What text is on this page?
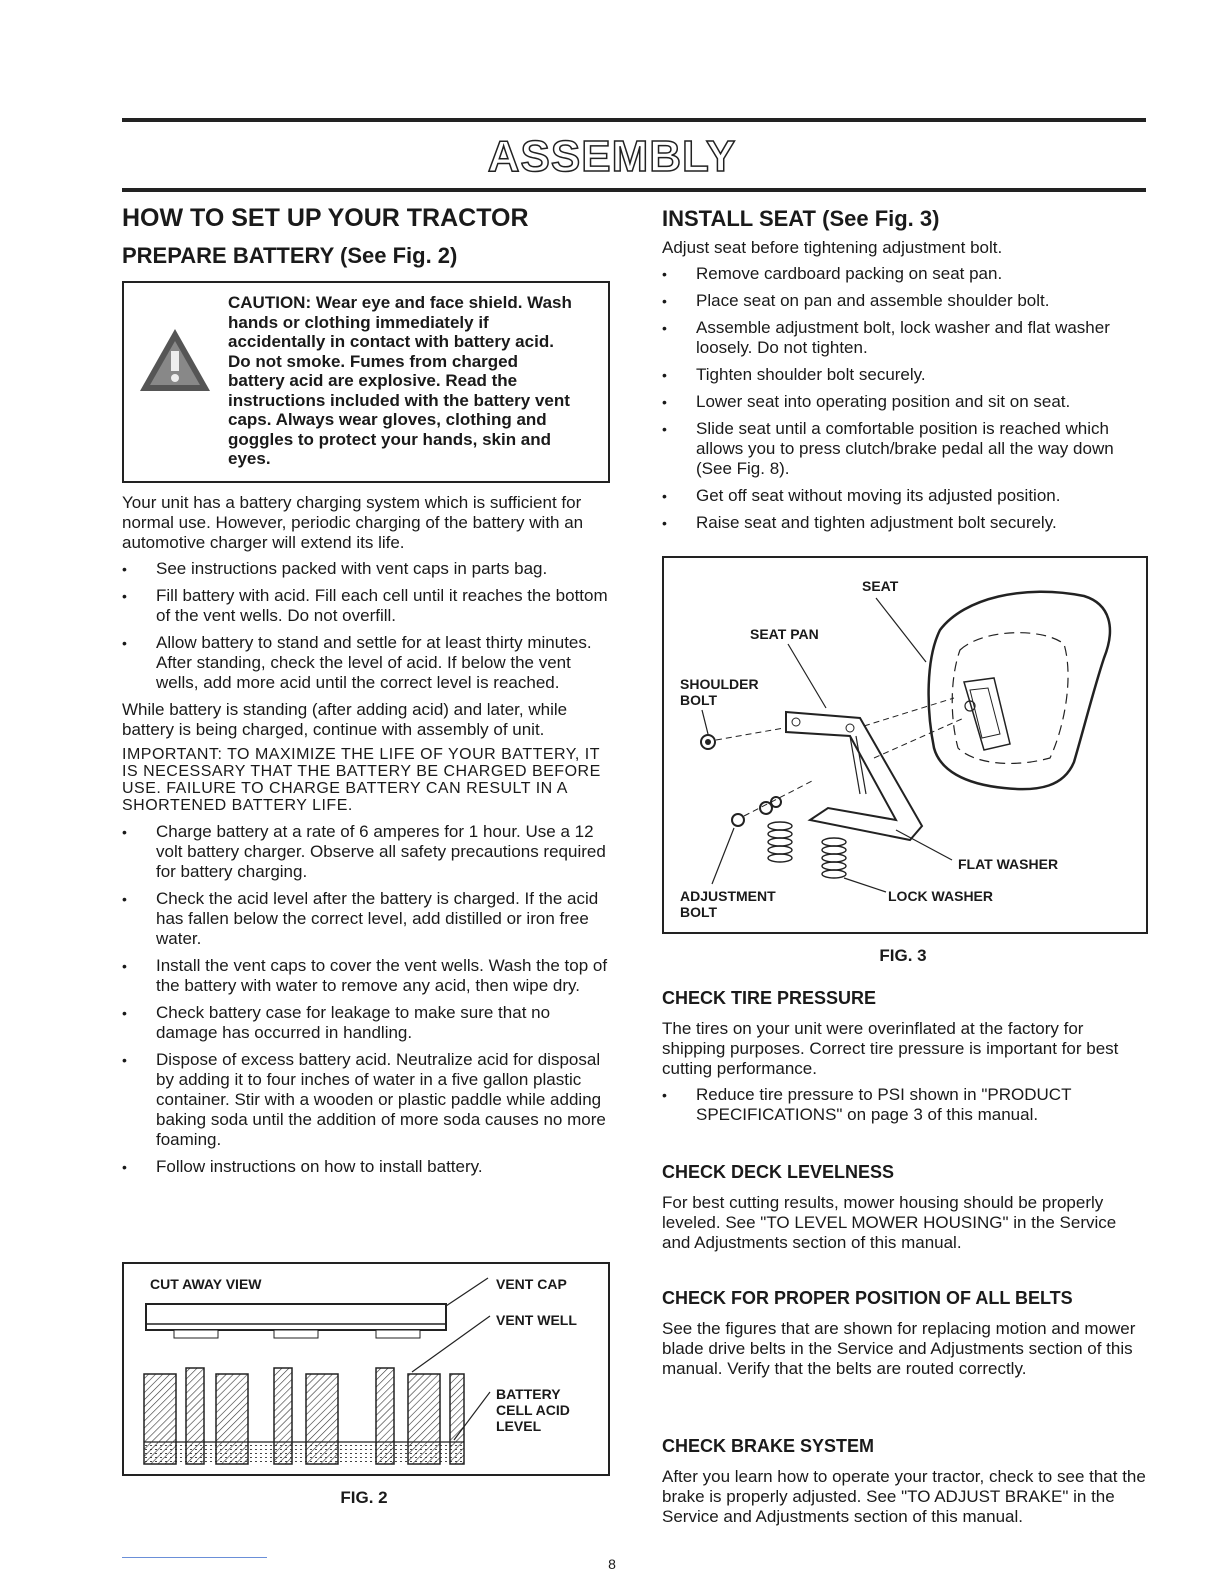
ASSEMBLY
HOW TO SET UP YOUR TRACTOR
PREPARE BATTERY (See Fig. 2)
CAUTION: Wear eye and face shield. Wash hands or clothing immediately if accidentally in contact with battery acid. Do not smoke. Fumes from charged battery acid are explosive. Read the instructions included with the battery vent caps. Always wear gloves, clothing and goggles to protect your hands, skin and eyes.

Your unit has a battery charging system which is sufficient for normal use. However, periodic charging of the battery with an automotive charger will extend its life.

• See instructions packed with vent caps in parts bag.
• Fill battery with acid. Fill each cell until it reaches the bottom of the vent wells. Do not overfill.
• Allow battery to stand and settle for at least thirty minutes. After standing, check the level of acid. If below the vent wells, add more acid until the correct level is reached.

While battery is standing (after adding acid) and later, while battery is being charged, continue with assembly of unit.

IMPORTANT: TO MAXIMIZE THE LIFE OF YOUR BATTERY, IT IS NECESSARY THAT THE BATTERY BE CHARGED BEFORE USE. FAILURE TO CHARGE BATTERY CAN RESULT IN A SHORTENED BATTERY LIFE.

• Charge battery at a rate of 6 amperes for 1 hour. Use a 12 volt battery charger. Observe all safety precautions required for battery charging.
• Check the acid level after the battery is charged. If the acid has fallen below the correct level, add distilled or iron free water.
• Install the vent caps to cover the vent wells. Wash the top of the battery with water to remove any acid, then wipe dry.
• Check battery case for leakage to make sure that no damage has occurred in handling.
• Dispose of excess battery acid. Neutralize acid for disposal by adding it to four inches of water in a five gallon plastic container. Stir with a wooden or plastic paddle while adding baking soda until the addition of more soda causes no more foaming.
• Follow instructions on how to install battery.
CUT AWAY VIEW	VENT CAP
VENT WELL
BATTERY
CELL ACID
LEVEL
FIG. 2
INSTALL SEAT (See Fig. 3)

Adjust seat before tightening adjustment bolt.

• Remove cardboard packing on seat pan.
• Place seat on pan and assemble shoulder bolt.
• Assemble adjustment bolt, lock washer and flat washer loosely. Do not tighten.
• Tighten shoulder bolt securely.
• Lower seat into operating position and sit on seat.
• Slide seat until a comfortable position is reached which allows you to press clutch/brake pedal all the way down (See Fig. 8).
• Get off seat without moving its adjusted position.
• Raise seat and tighten adjustment bolt securely.
SEAT
SEAT PAN
SHOULDER
BOLT
FLAT WASHER
ADJUSTMENT
BOLT
LOCK WASHER
FIG. 3
CHECK TIRE PRESSURE

The tires on your unit were overinflated at the factory for shipping purposes. Correct tire pressure is important for best cutting performance.

• Reduce tire pressure to PSI shown in "PRODUCT SPECIFICATIONS" on page 3 of this manual.
CHECK DECK LEVELNESS

For best cutting results, mower housing should be properly leveled. See "TO LEVEL MOWER HOUSING" in the Service and Adjustments section of this manual.

CHECK FOR PROPER POSITION OF ALL BELTS

See the figures that are shown for replacing motion and mower blade drive belts in the Service and Adjustments section of this manual. Verify that the belts are routed correctly.

CHECK BRAKE SYSTEM

After you learn how to operate your tractor, check to see that the brake is properly adjusted. See "TO ADJUST BRAKE" in the Service and Adjustments section of this manual.

8
